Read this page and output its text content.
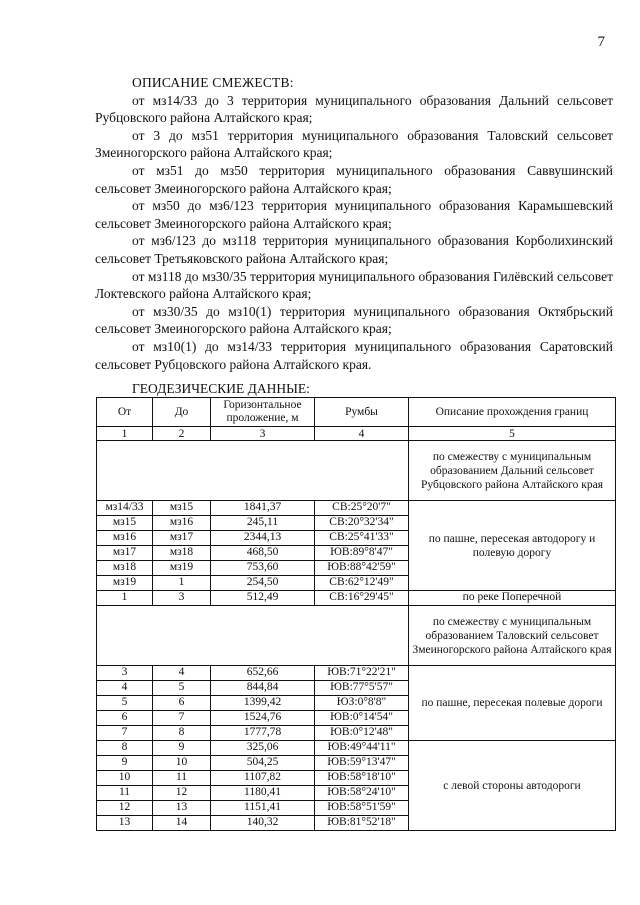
7
ОПИСАНИЕ СМЕЖЕСТВ:
от мз14/33 до 3 территория муниципального образования Дальний сельсовет Рубцовского района Алтайского края;
от 3 до мз51 территория муниципального образования Таловский сельсовет Змеиногорского района Алтайского края;
от мз51 до мз50 территория муниципального образования Саввушинский сельсовет Змеиногорского района Алтайского края;
от мз50 до мз6/123 территория муниципального образования Карамышевский сельсовет Змеиногорского района Алтайского края;
от мз6/123 до мз118 территория муниципального образования Корболихинский сельсовет Третьяковского района Алтайского края;
от мз118 до мз30/35 территория муниципального образования Гилёвский сельсовет Локтевского района Алтайского края;
от мз30/35 до мз10(1) территория муниципального образования Октябрьский сельсовет Змеиногорского района Алтайского края;
от мз10(1) до мз14/33 территория муниципального образования Саратовский сельсовет Рубцовского района Алтайского края.
ГЕОДЕЗИЧЕСКИЕ ДАННЫЕ:
От	До	Горизонтальное проложение, м	Румбы	Описание прохождения границ
1	2	3	4	5
				по смежеству с муниципальным образованием Дальний сельсовет Рубцовского района Алтайского края
мз14/33	мз15	1841,37	СВ:25°20'7"	по пашне, пересекая автодорогу и полевую дорогу
мз15	мз16	245,11	СВ:20°32'34"	
мз16	мз17	2344,13	СВ:25°41'33"	
мз17	мз18	468,50	ЮВ:89°8'47"	
мз18	мз19	753,60	ЮВ:88°42'59"	
мз19	1	254,50	СВ:62°12'49"	
1	3	512,49	СВ:16°29'45"	по реке Поперечной
				по смежеству с муниципальным образованием Таловский сельсовет Змеиногорского района Алтайского края
3	4	652,66	ЮВ:71°22'21"	по пашне, пересекая полевые дороги
4	5	844,84	ЮВ:77°5'57"	
5	6	1399,42	ЮЗ:0°8'8"	
6	7	1524,76	ЮВ:0°14'54"	
7	8	1777,78	ЮВ:0°12'48"	
8	9	325,06	ЮВ:49°44'11"	с левой стороны автодороги
9	10	504,25	ЮВ:59°13'47"	
10	11	1107,82	ЮВ:58°18'10"	
11	12	1180,41	ЮВ:58°24'10"	
12	13	1151,41	ЮВ:58°51'59"	
13	14	140,32	ЮВ:81°52'18"	
